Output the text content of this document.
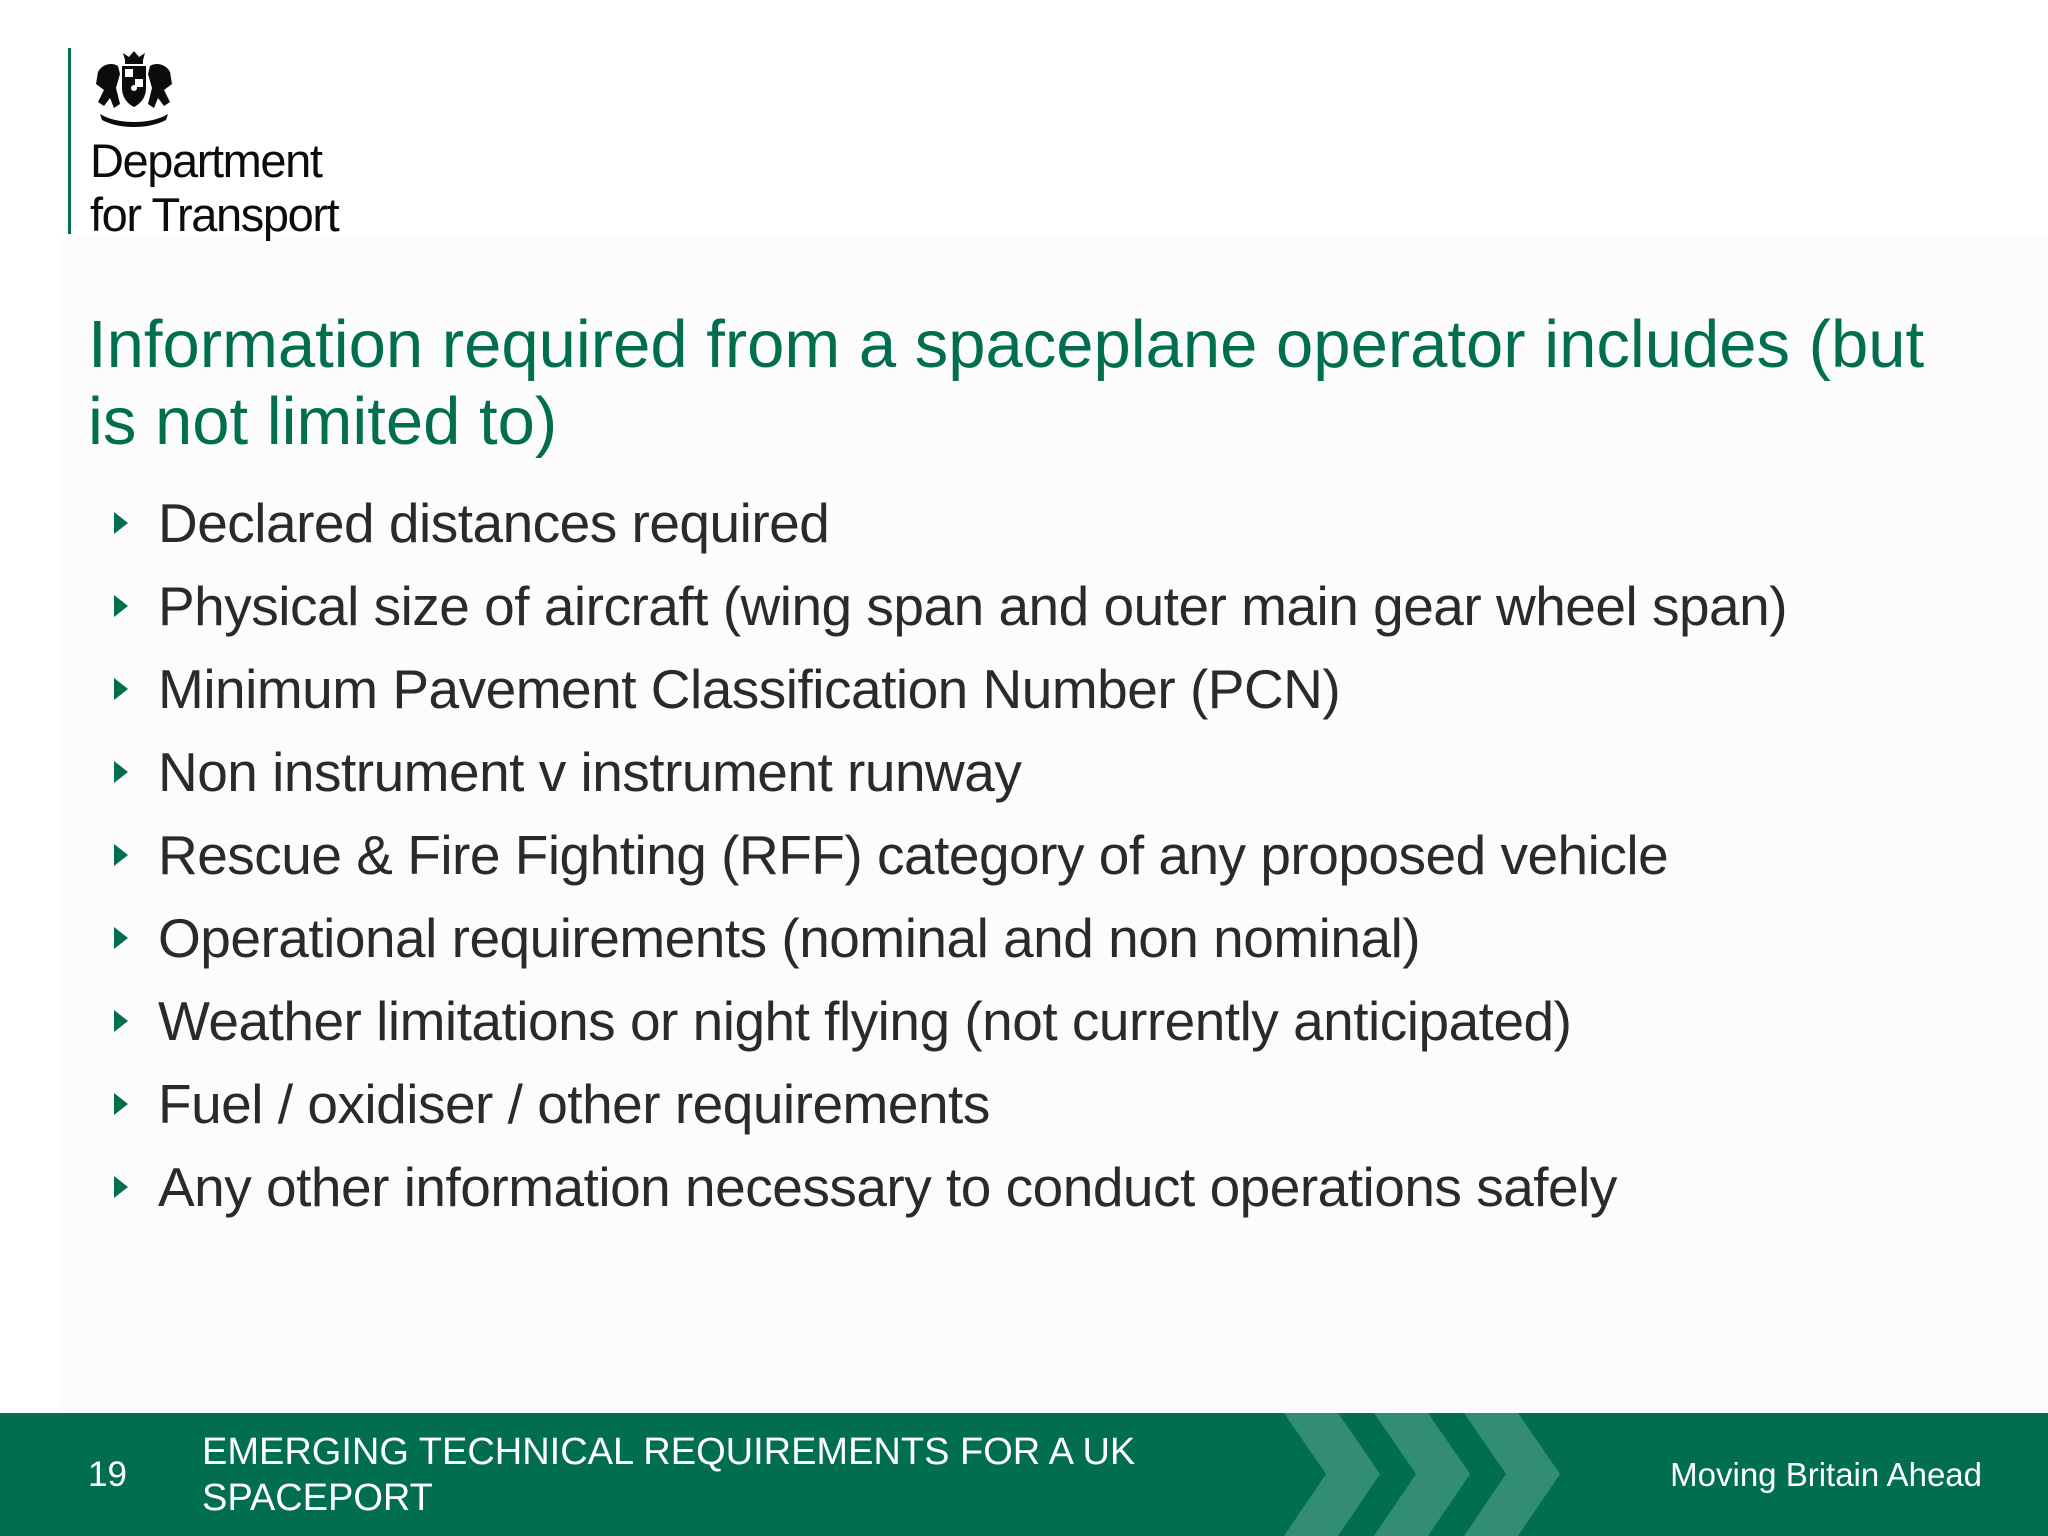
Department
for Transport
Information required from a spaceplane operator includes (but is not limited to)
Declared distances required
Physical size of aircraft (wing span and outer main gear wheel span)
Minimum Pavement Classification Number (PCN)
Non instrument v instrument runway
Rescue & Fire Fighting (RFF) category of any proposed vehicle
Operational requirements (nominal and non nominal)
Weather limitations or night flying (not currently anticipated)
Fuel / oxidiser / other requirements
Any other information necessary to conduct operations safely
19
EMERGING TECHNICAL REQUIREMENTS FOR A UK SPACEPORT
Moving Britain Ahead
